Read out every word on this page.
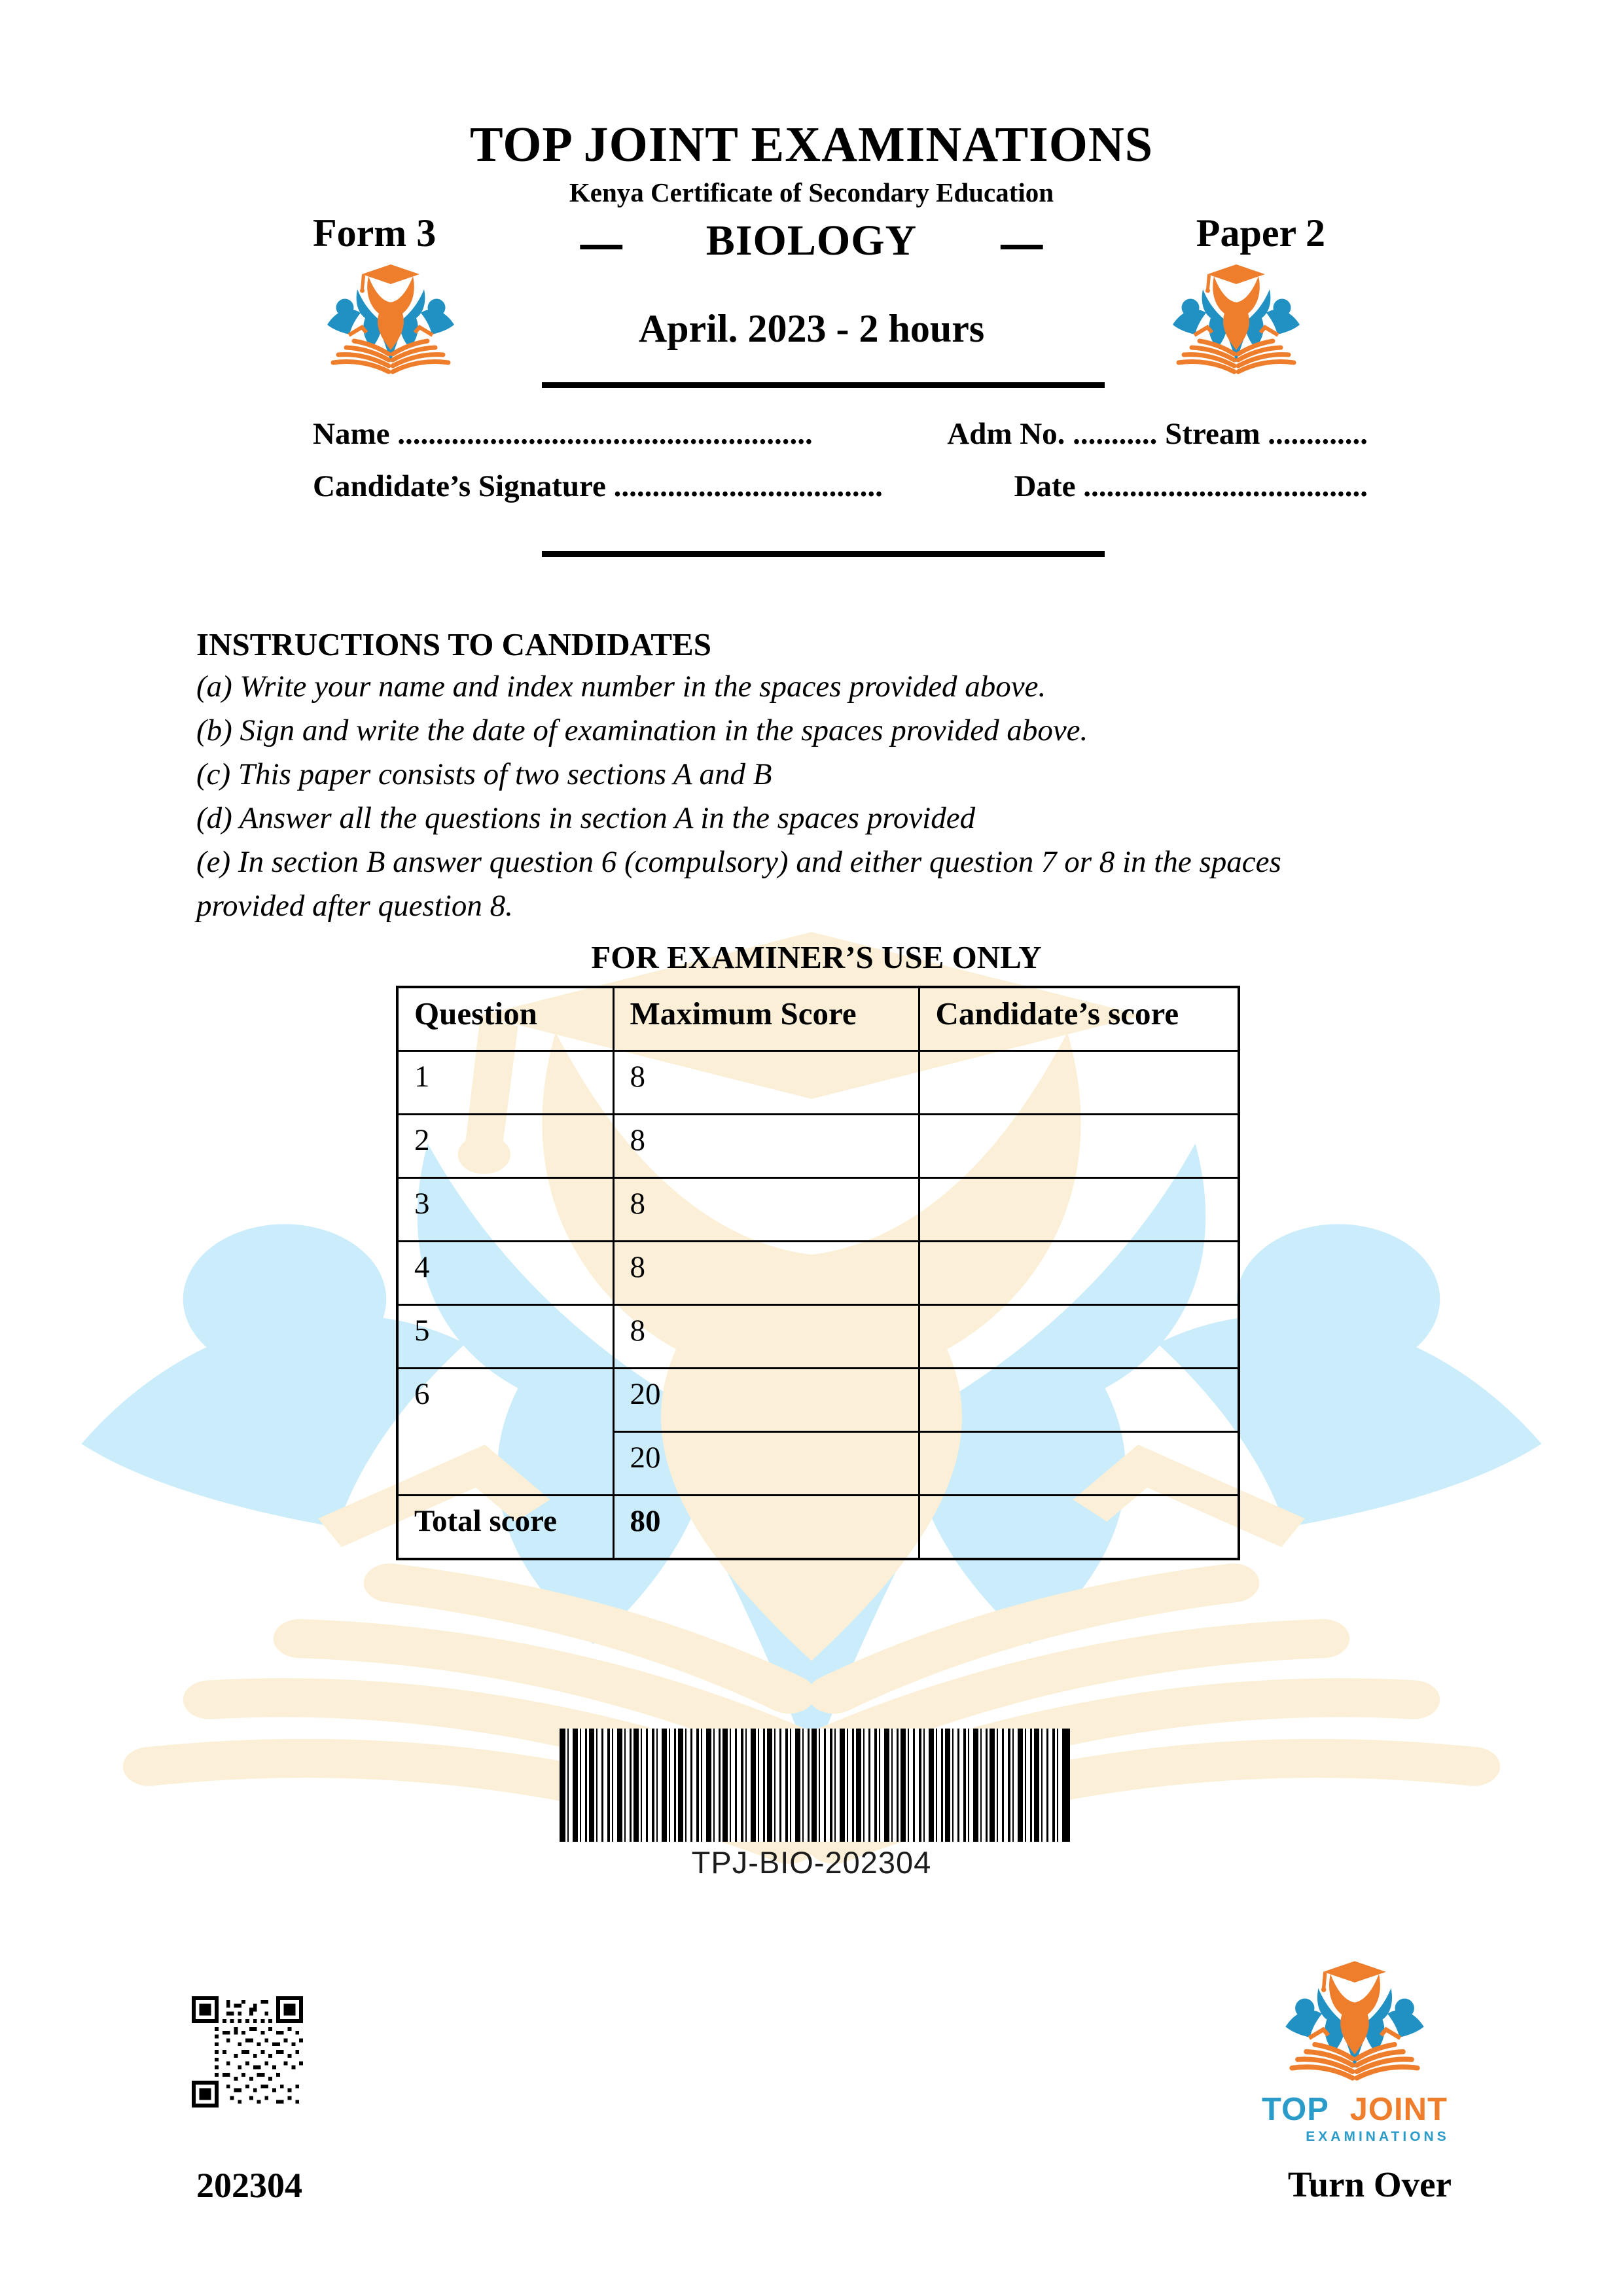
TOP JOINT EXAMINATIONS
Kenya Certificate of Secondary Education
Form 3	— BIOLOGY —	Paper 2
April. 2023 - 2 hours
Name ......................................................	Adm No. ........... Stream .............
Candidate’s Signature ...................................	Date .....................................
INSTRUCTIONS TO CANDIDATES
(a) Write your name and index number in the spaces provided above.
(b) Sign and write the date of examination in the spaces provided above.
(c) This paper consists of two sections A and B
(d) Answer all the questions in section A in the spaces provided
(e) In section B answer question 6 (compulsory) and either question 7 or 8 in the spaces provided after question 8.
FOR EXAMINER’S USE ONLY
Question	Maximum Score	Candidate’s score
1	8	
2	8	
3	8	
4	8	
5	8	
6	20	
	20	
Total score	80	
TPJ-BIO-202304
202304
TOP JOINT
EXAMINATIONS
Turn Over
